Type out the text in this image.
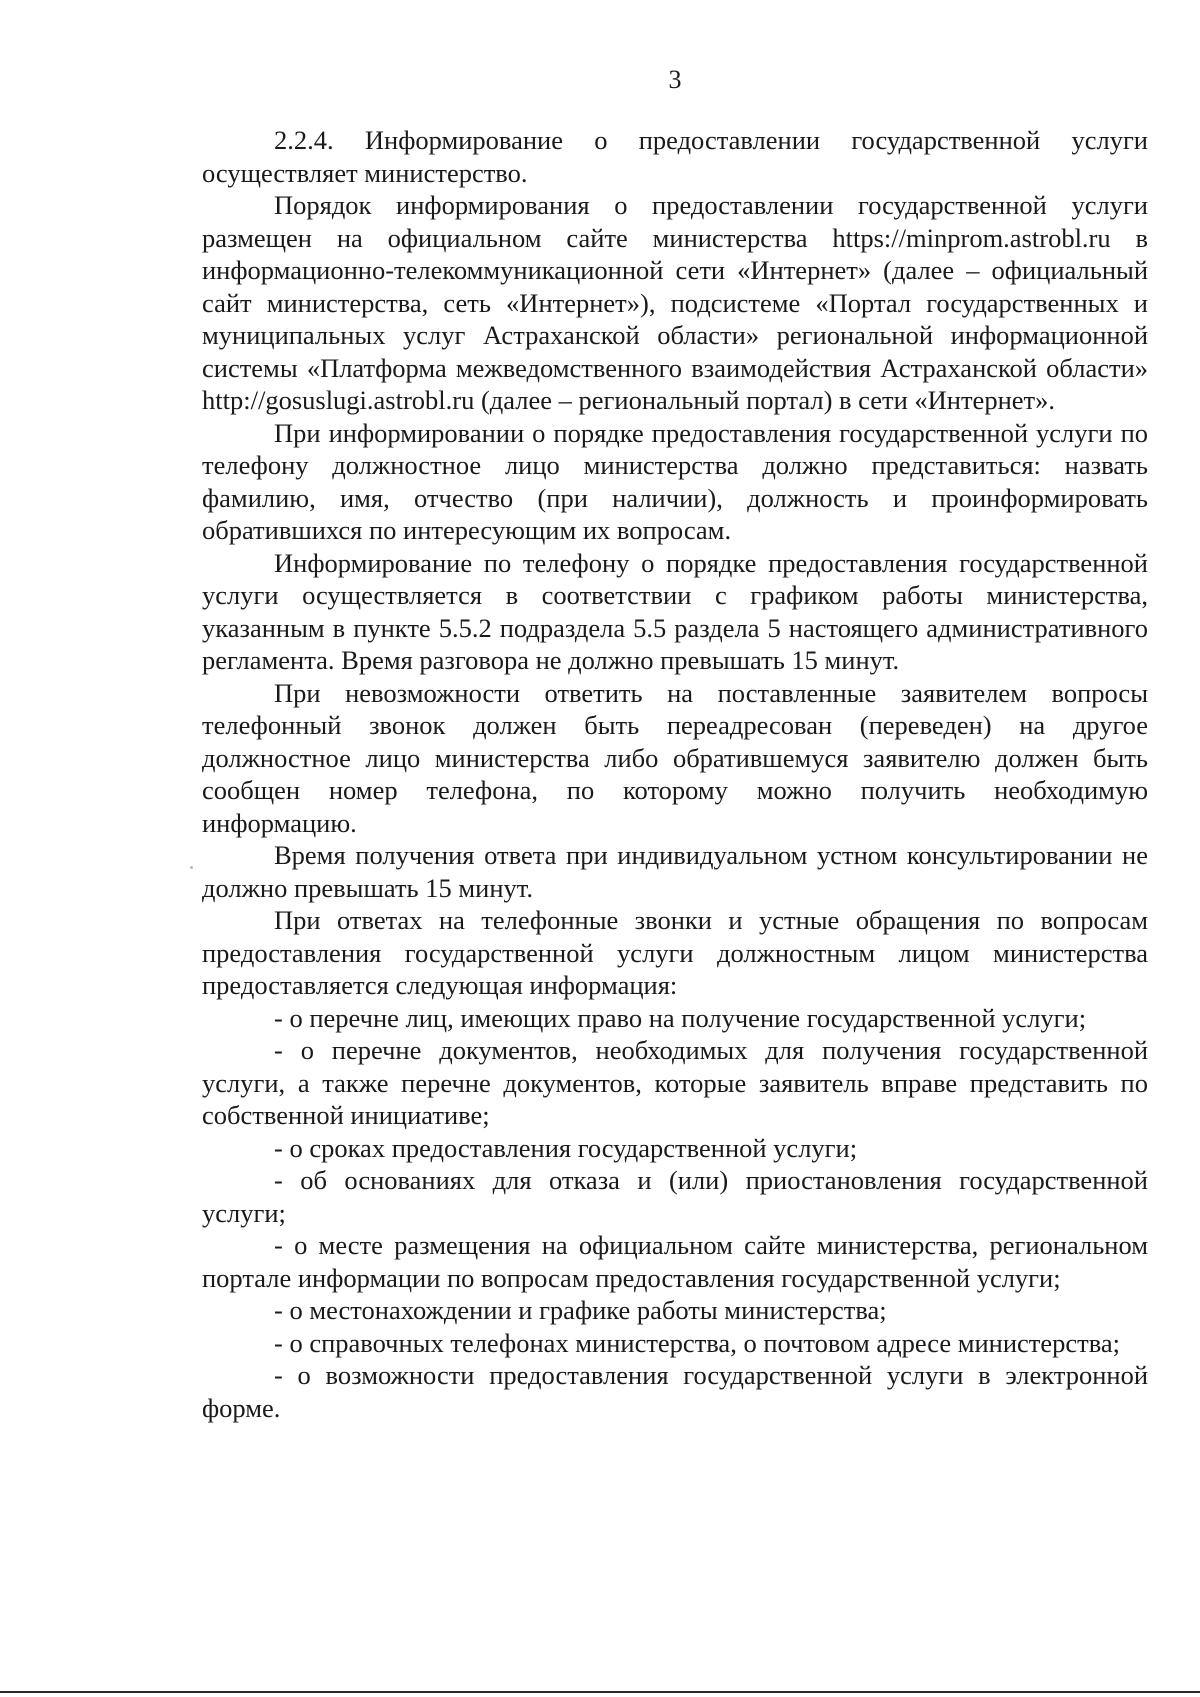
3

2.2.4. Информирование о предоставлении государственной услуги осуществляет министерство.

Порядок информирования о предоставлении государственной услуги размещен на официальном сайте министерства https://minprom.astrobl.ru в информационно-телекоммуникационной сети «Интернет» (далее – официальный сайт министерства, сеть «Интернет»), подсистеме «Портал государственных и муниципальных услуг Астраханской области» региональной информационной системы «Платформа межведомственного взаимодействия Астраханской области» http://gosuslugi.astrobl.ru (далее – региональный портал) в сети «Интернет».

При информировании о порядке предоставления государственной услуги по телефону должностное лицо министерства должно представиться: назвать фамилию, имя, отчество (при наличии), должность и проинформировать обратившихся по интересующим их вопросам.

Информирование по телефону о порядке предоставления государственной услуги осуществляется в соответствии с графиком работы министерства, указанным в пункте 5.5.2 подраздела 5.5 раздела 5 настоящего административного регламента. Время разговора не должно превышать 15 минут.

При невозможности ответить на поставленные заявителем вопросы телефонный звонок должен быть переадресован (переведен) на другое должностное лицо министерства либо обратившемуся заявителю должен быть сообщен номер телефона, по которому можно получить необходимую информацию.

Время получения ответа при индивидуальном устном консультировании не должно превышать 15 минут.

При ответах на телефонные звонки и устные обращения по вопросам предоставления государственной услуги должностным лицом министерства предоставляется следующая информация:

- о перечне лиц, имеющих право на получение государственной услуги;

- о перечне документов, необходимых для получения государственной услуги, а также перечне документов, которые заявитель вправе представить по собственной инициативе;

- о сроках предоставления государственной услуги;

- об основаниях для отказа и (или) приостановления государственной услуги;

- о месте размещения на официальном сайте министерства, региональном портале информации по вопросам предоставления государственной услуги;

- о местонахождении и графике работы министерства;

- о справочных телефонах министерства, о почтовом адресе министерства;

- о возможности предоставления государственной услуги в электронной форме.
